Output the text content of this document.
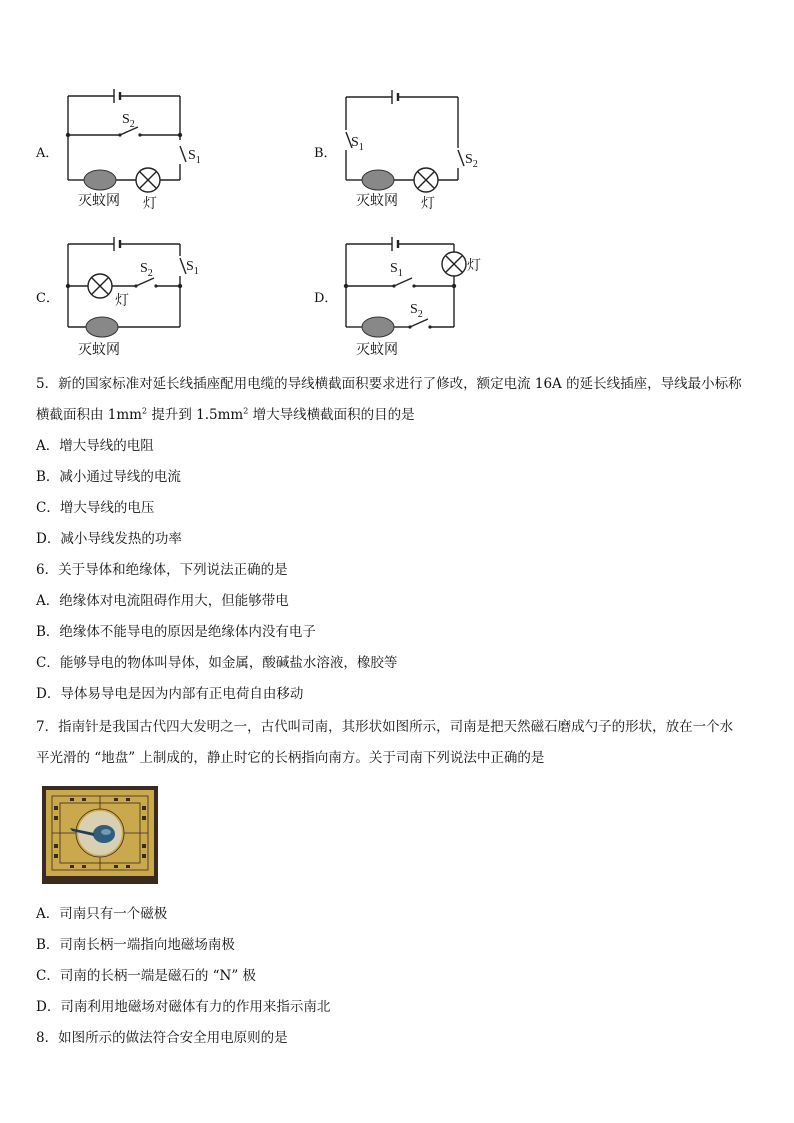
A．
$S_2$
$S_1$
灭蚊网 灯
B．
$S_1$
$S_2$
灭蚊网 灯
C．
$S_2$ $S_1$
灯
灭蚊网
D．
$S_1$
$S_2$
灯
灭蚊网
5．新的国家标准对延长线插座配用电缆的导线横截面积要求进行了修改，额定电流 16A 的延长线插座，导线最小标称
横截面积由 $1mm^2$ 提升到 $1.5mm^2$ 增大导线横截面积的目的是
A．增大导线的电阻
B．减小通过导线的电流
C．增大导线的电压
D．减小导线发热的功率
6．关于导体和绝缘体，下列说法正确的是
A．绝缘体对电流阻碍作用大，但能够带电
B．绝缘体不能导电的原因是绝缘体内没有电子
C．能够导电的物体叫导体，如金属，酸碱盐水溶液，橡胶等
D．导体易导电是因为内部有正电荷自由移动
7．指南针是我国古代四大发明之一，古代叫司南，其形状如图所示，司南是把天然磁石磨成勺子的形状，放在一个水
平光滑的 “地盘” 上制成的，静止时它的长柄指向南方。关于司南下列说法中正确的是
A．司南只有一个磁极
B．司南长柄一端指向地磁场南极
C．司南的长柄一端是磁石的 “N” 极
D．司南利用地磁场对磁体有力的作用来指示南北
8．如图所示的做法符合安全用电原则的是
